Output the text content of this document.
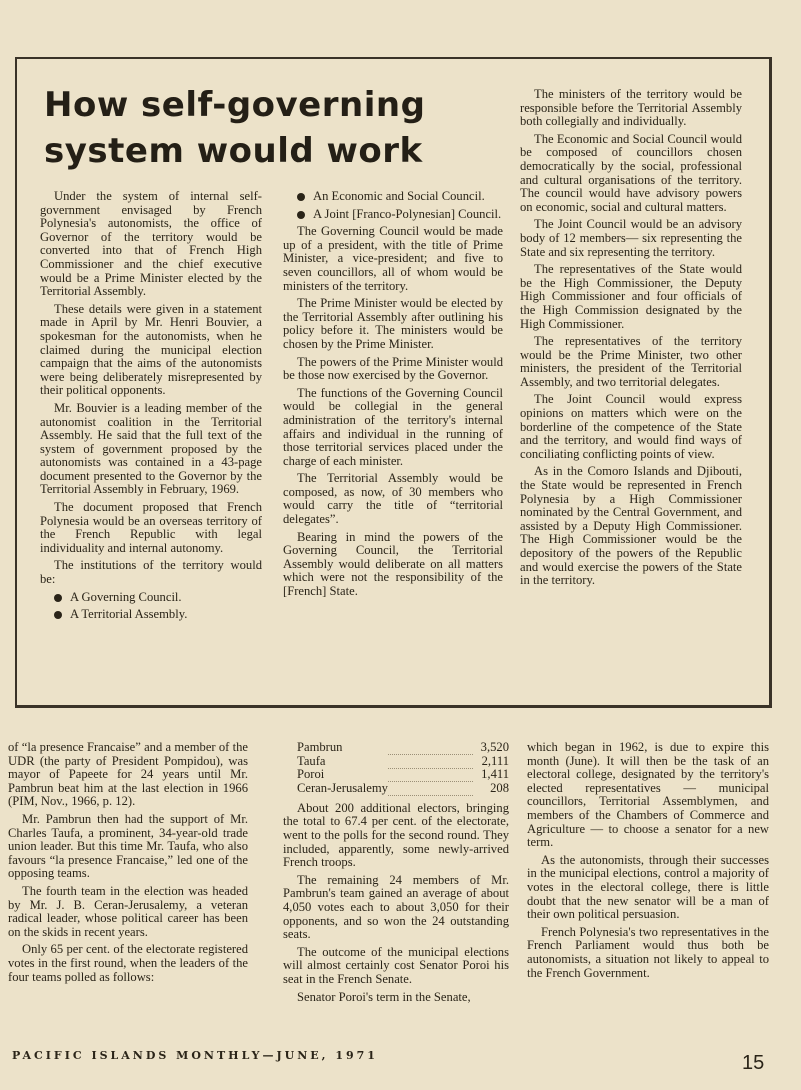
How self-governing system would work

Under the system of internal self-government envisaged by French Polynesia's autonomists, the office of Governor of the territory would be converted into that of French High Commissioner and the chief executive would be a Prime Minister elected by the Territorial Assembly.

These details were given in a statement made in April by Mr. Henri Bouvier, a spokesman for the autonomists, when he claimed during the municipal election campaign that the aims of the autonomists were being deliberately misrepresented by their political opponents.

Mr. Bouvier is a leading member of the autonomist coalition in the Territorial Assembly. He said that the full text of the system of government proposed by the autonomists was contained in a 43-page document presented to the Governor by the Territorial Assembly in February, 1969.

The document proposed that French Polynesia would be an overseas territory of the French Republic with legal individuality and internal autonomy.

The institutions of the territory would be:

A Governing Council.
A Territorial Assembly.
An Economic and Social Council.
A Joint [Franco-Polynesian] Council.

The Governing Council would be made up of a president, with the title of Prime Minister, a vice-president; and five to seven councillors, all of whom would be ministers of the territory.

The Prime Minister would be elected by the Territorial Assembly after outlining his policy before it. The ministers would be chosen by the Prime Minister.

The powers of the Prime Minister would be those now exercised by the Governor.

The functions of the Governing Council would be collegial in the general administration of the territory's internal affairs and individual in the running of those territorial services placed under the charge of each minister.

The Territorial Assembly would be composed, as now, of 30 members who would carry the title of “territorial delegates”.

Bearing in mind the powers of the Governing Council, the Territorial Assembly would deliberate on all matters which were not the responsibility of the [French] State.

The ministers of the territory would be responsible before the Territorial Assembly both collegially and individually.

The Economic and Social Council would be composed of councillors chosen democratically by the social, professional and cultural organisations of the territory. The council would have advisory powers on economic, social and cultural matters.

The Joint Council would be an advisory body of 12 members— six representing the State and six representing the territory.

The representatives of the State would be the High Commissioner, the Deputy High Commissioner and four officials of the High Commission designated by the High Commissioner.

The representatives of the territory would be the Prime Minister, two other ministers, the president of the Territorial Assembly, and two territorial delegates.

The Joint Council would express opinions on matters which were on the borderline of the competence of the State and the territory, and would find ways of conciliating conflicting points of view.

As in the Comoro Islands and Djibouti, the State would be represented in French Polynesia by a High Commissioner nominated by the Central Government, and assisted by a Deputy High Commissioner. The High Commissioner would be the depository of the powers of the Republic and would exercise the powers of the State in the territory.

of “la presence Francaise” and a member of the UDR (the party of President Pompidou), was mayor of Papeete for 24 years until Mr. Pambrun beat him at the last election in 1966 (PIM, Nov., 1966, p. 12).

Mr. Pambrun then had the support of Mr. Charles Taufa, a prominent, 34-year-old trade union leader. But this time Mr. Taufa, who also favours “la presence Francaise,” led one of the opposing teams.

The fourth team in the election was headed by Mr. J. B. Ceran-Jerusalemy, a veteran radical leader, whose political career has been on the skids in recent years.

Only 65 per cent. of the electorate registered votes in the first round, when the leaders of the four teams polled as follows:

Pambrun		3,520
Taufa		2,111
Poroi		1,411
Ceran-Jerusalemy		208

About 200 additional electors, bringing the total to 67.4 per cent. of the electorate, went to the polls for the second round. They included, apparently, some newly-arrived French troops.

The remaining 24 members of Mr. Pambrun's team gained an average of about 4,050 votes each to about 3,050 for their opponents, and so won the 24 outstanding seats.

The outcome of the municipal elections will almost certainly cost Senator Poroi his seat in the French Senate.

Senator Poroi's term in the Senate,

which began in 1962, is due to expire this month (June). It will then be the task of an electoral college, designated by the territory's elected representatives — municipal councillors, Territorial Assemblymen, and members of the Chambers of Commerce and Agriculture — to choose a senator for a new term.

As the autonomists, through their successes in the municipal elections, control a majority of votes in the electoral college, there is little doubt that the new senator will be a man of their own political persuasion.

French Polynesia's two representatives in the French Parliament would thus both be autonomists, a situation not likely to appeal to the French Government.

PACIFIC ISLANDS MONTHLY—JUNE, 1971	15
